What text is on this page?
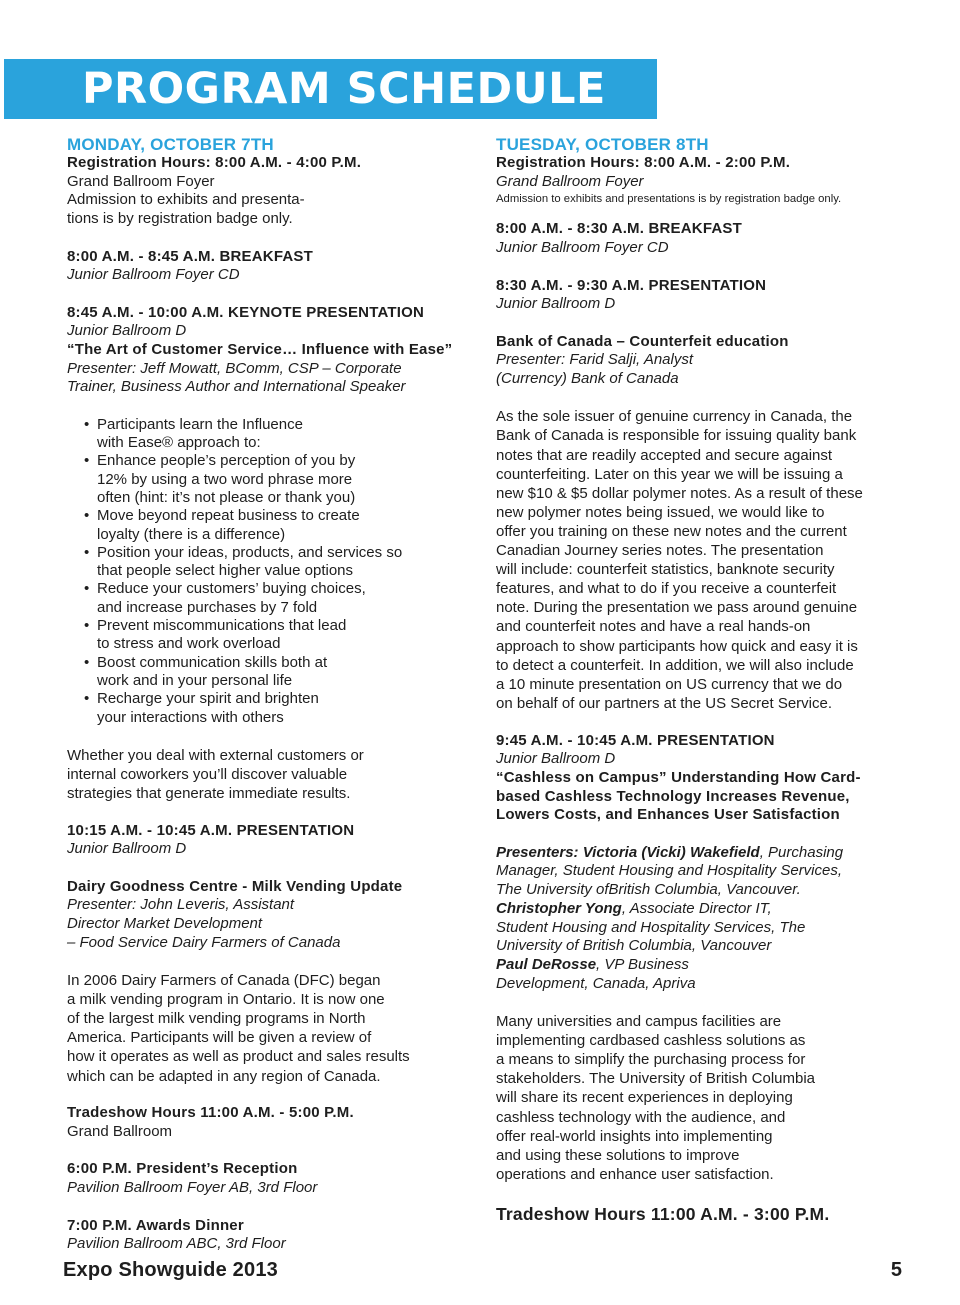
PROGRAM SCHEDULE

MONDAY, OCTOBER 7TH

Registration Hours: 8:00 A.M. - 4:00 P.M.

Grand Ballroom Foyer

Admission to exhibits and presenta-

tions is by registration badge only.

8:00 A.M. - 8:45 A.M. BREAKFAST

Junior Ballroom Foyer CD

8:45 A.M. - 10:00 A.M. KEYNOTE PRESENTATION

Junior Ballroom D

“The Art of Customer Service… Influence with Ease”

Presenter: Jeff Mowatt, BComm, CSP – Corporate

Trainer, Business Author and International Speaker

• Participants learn the Influence
with Ease® approach to:
• Enhance people’s perception of you by
12% by using a two word phrase more
often (hint: it’s not please or thank you)
• Move beyond repeat business to create
loyalty (there is a difference)
• Position your ideas, products, and services so
that people select higher value options
• Reduce your customers’ buying choices,
and increase purchases by 7 fold
• Prevent miscommunications that lead
to stress and work overload
• Boost communication skills both at
work and in your personal life
• Recharge your spirit and brighten
your interactions with others

Whether you deal with external customers or
internal coworkers you’ll discover valuable
strategies that generate immediate results.

10:15 A.M. - 10:45 A.M. PRESENTATION

Junior Ballroom D

Dairy Goodness Centre - Milk Vending Update

Presenter: John Leveris, Assistant
Director Market Development
– Food Service Dairy Farmers of Canada

In 2006 Dairy Farmers of Canada (DFC) began
a milk vending program in Ontario. It is now one
of the largest milk vending programs in North
America. Participants will be given a review of
how it operates as well as product and sales results
which can be adapted in any region of Canada.

Tradeshow Hours 11:00 A.M. - 5:00 P.M.

Grand Ballroom

6:00 P.M. President’s Reception

Pavilion Ballroom Foyer AB, 3rd Floor

7:00 P.M. Awards Dinner

Pavilion Ballroom ABC, 3rd Floor

TUESDAY, OCTOBER 8TH

Registration Hours: 8:00 A.M. - 2:00 P.M.

Grand Ballroom Foyer

Admission to exhibits and presentations is by registration badge only.

8:00 A.M. - 8:30 A.M. BREAKFAST

Junior Ballroom Foyer CD

8:30 A.M. - 9:30 A.M. PRESENTATION

Junior Ballroom D

Bank of Canada – Counterfeit education

Presenter: Farid Salji, Analyst
(Currency) Bank of Canada

As the sole issuer of genuine currency in Canada, the
Bank of Canada is responsible for issuing quality bank
notes that are readily accepted and secure against
counterfeiting. Later on this year we will be issuing a
new $10 & $5 dollar polymer notes. As a result of these
new polymer notes being issued, we would like to
offer you training on these new notes and the current
Canadian Journey series notes. The presentation
will include: counterfeit statistics, banknote security
features, and what to do if you receive a counterfeit
note. During the presentation we pass around genuine
and counterfeit notes and have a real hands-on
approach to show participants how quick and easy it is
to detect a counterfeit. In addition, we will also include
a 10 minute presentation on US currency that we do
on behalf of our partners at the US Secret Service.

9:45 A.M. - 10:45 A.M. PRESENTATION

Junior Ballroom D

“Cashless on Campus” Understanding How Card-
based Cashless Technology Increases Revenue,
Lowers Costs, and Enhances User Satisfaction

Presenters: Victoria (Vicki) Wakefield, Purchasing
Manager, Student Housing and Hospitality Services,
The University ofBritish Columbia, Vancouver.
Christopher Yong, Associate Director IT,
Student Housing and Hospitality Services, The
University of British Columbia, Vancouver
Paul DeRosse, VP Business
Development, Canada, Apriva

Many universities and campus facilities are
implementing cardbased cashless solutions as
a means to simplify the purchasing process for
stakeholders. The University of British Columbia
will share its recent experiences in deploying
cashless technology with the audience, and
offer real-world insights into implementing
and using these solutions to improve
operations and enhance user satisfaction.

Tradeshow Hours 11:00 A.M. - 3:00 P.M.

Expo Showguide 2013	5
